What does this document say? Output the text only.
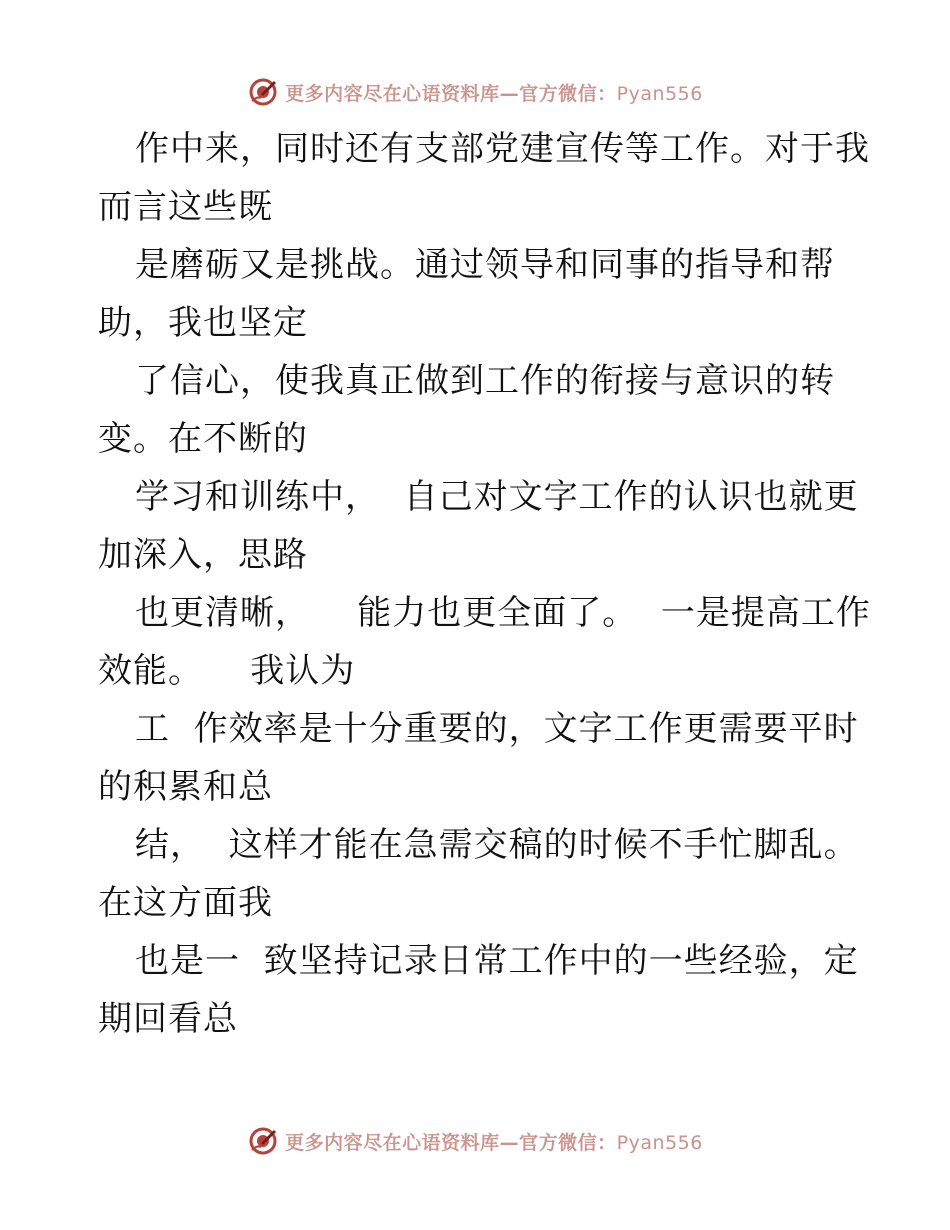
更多内容尽在心语资料库—官方微信：Pyan556
作中来，同时还有支部党建宣传等工作。对于我
而言这些既
是磨砺又是挑战。通过领导和同事的指导和帮
助，我也坚定
了信心，使我真正做到工作的衔接与意识的转
变。在不断的
学习和训练中，  自己对文字工作的认识也就更
加深入，思路
也更清晰，    能力也更全面了。  一是提高工作
效能。    我认为
工  作效率是十分重要的，文字工作更需要平时
的积累和总
结，  这样才能在急需交稿的时候不手忙脚乱。
在这方面我
也是一  致坚持记录日常工作中的一些经验，定
期回看总
更多内容尽在心语资料库—官方微信：Pyan556
